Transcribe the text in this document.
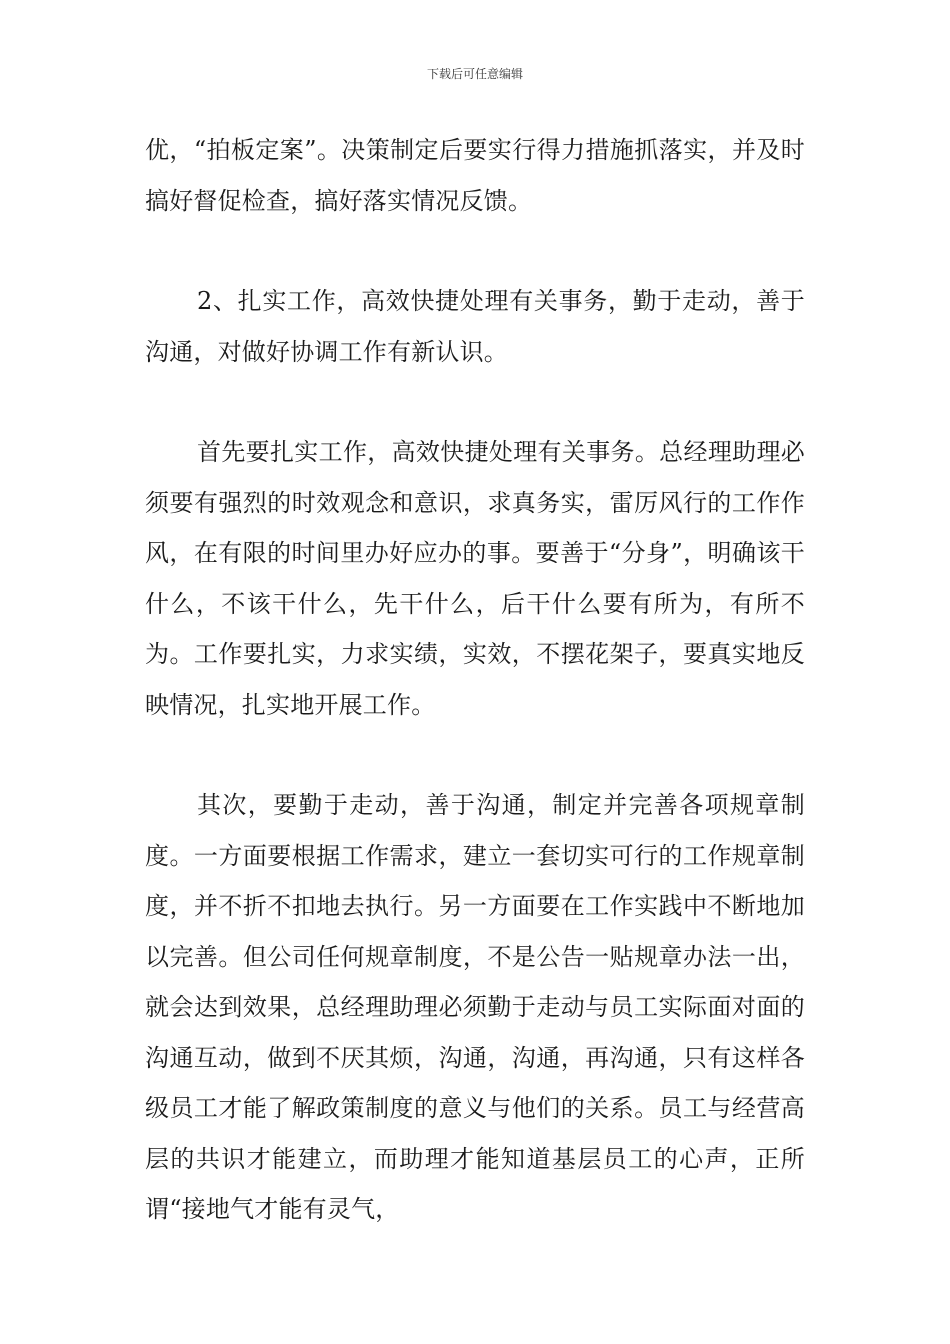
下载后可任意编辑

优，“拍板定案”。决策制定后要实行得力措施抓落实，并及时搞好督促检查，搞好落实情况反馈。

2、扎实工作，高效快捷处理有关事务，勤于走动，善于沟通，对做好协调工作有新认识。

首先要扎实工作，高效快捷处理有关事务。总经理助理必须要有强烈的时效观念和意识，求真务实，雷厉风行的工作作风，在有限的时间里办好应办的事。要善于“分身”，明确该干什么，不该干什么，先干什么，后干什么要有所为，有所不为。工作要扎实，力求实绩，实效，不摆花架子，要真实地反映情况，扎实地开展工作。

其次，要勤于走动，善于沟通，制定并完善各项规章制度。一方面要根据工作需求，建立一套切实可行的工作规章制度，并不折不扣地去执行。另一方面要在工作实践中不断地加以完善。但公司任何规章制度，不是公告一贴规章办法一出，就会达到效果，总经理助理必须勤于走动与员工实际面对面的沟通互动，做到不厌其烦，沟通，沟通，再沟通，只有这样各级员工才能了解政策制度的意义与他们的关系。员工与经营高层的共识才能建立，而助理才能知道基层员工的心声，正所谓“接地气才能有灵气，
